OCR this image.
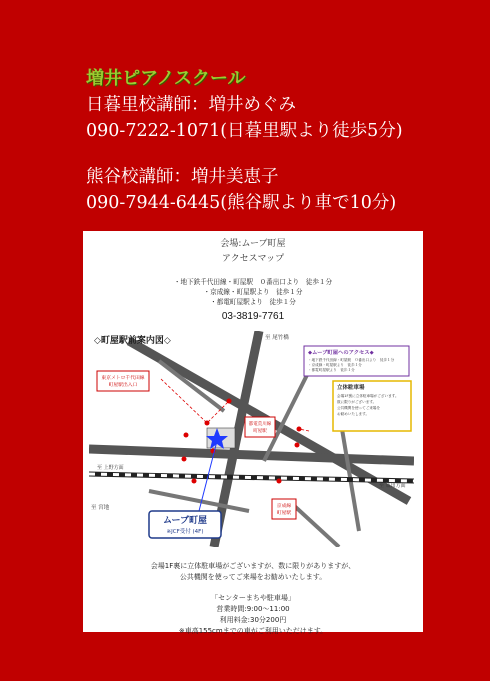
増井ピアノスクール
日暮里校講師：増井めぐみ
090-7222-1071(日暮里駅より徒歩5分)
熊谷校講師：増井美恵子
090-7944-6445(熊谷駅より車で10分)
会場:ムーブ町屋
アクセスマップ
・地下鉄千代田線・町屋駅　０番出口より　徒歩１分
・京成線・町屋駅より　徒歩１分
・都電町屋駅より　徒歩１分
03-3819-7761
◇町屋駅前案内図◇	至 尾竹橋
至 宮地
至 上野方面
至 成田方面
東京メトロ千代田線
町屋駅出入口
都電荒川線
町屋駅
京成線
町屋駅
ムーブ町屋
※JCF受付 (4F)
◆ムーブ町屋へのアクセス◆
・地下鉄千代田線・町屋駅　０番出口より　徒歩１分
・京成線・町屋駅より　徒歩１分
・都電町屋駅より　徒歩１分
立体駐車場
会場1F裏に立体駐車場がございます。
数に限りがございます。
公共機関を使ってご来場を
お勧めいたします。
会場1F裏に立体駐車場がございますが、数に限りがありますが、
公共機関を使ってご来場をお勧めいたします。
「センターまちや駐車場」
営業時間:9:00～11:00
利用料金:30分200円
※車高155cmまでの車がご利用いただけます。
